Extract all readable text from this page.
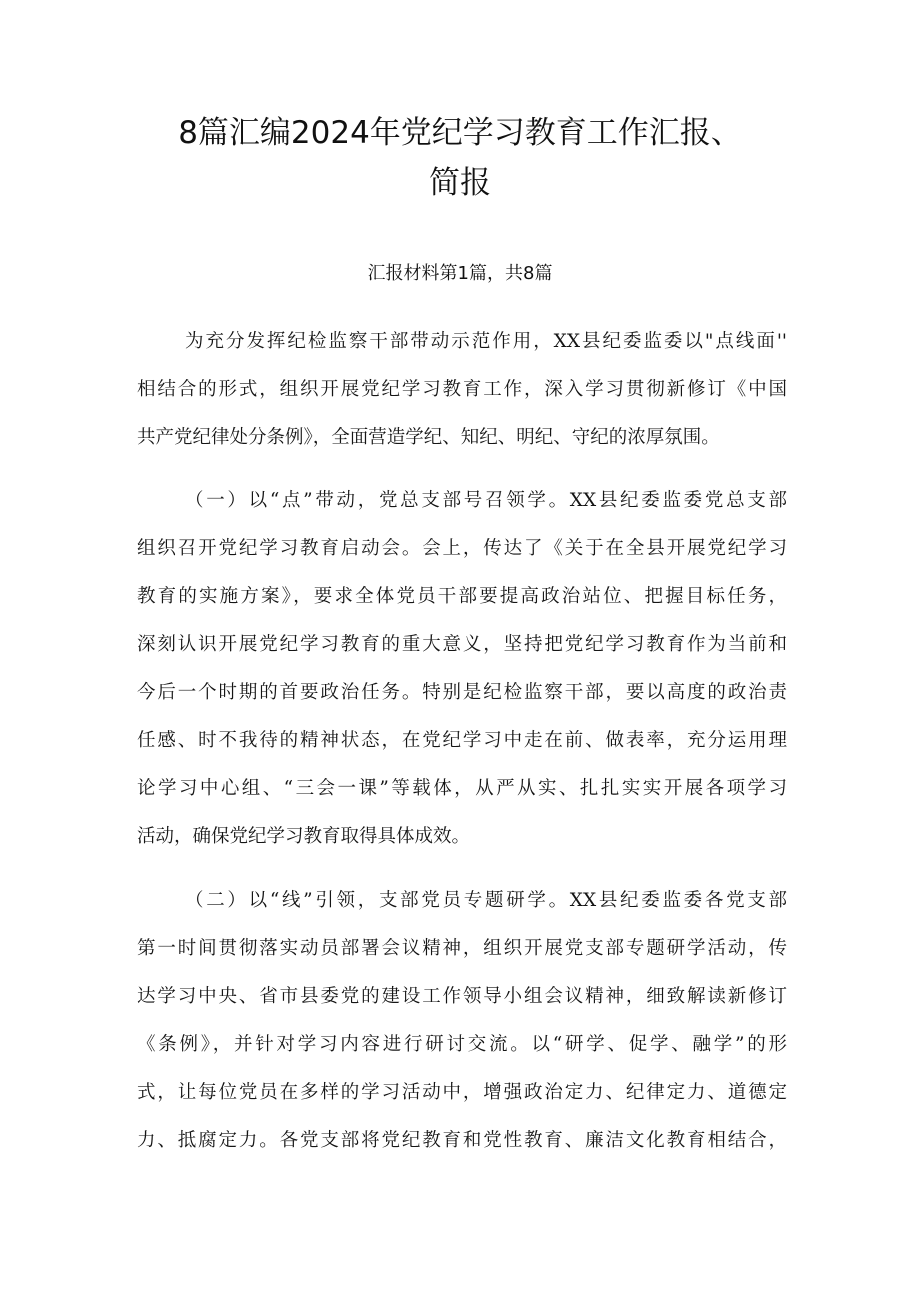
8篇汇编2024年党纪学习教育工作汇报、
简报
汇报材料第1篇，共8篇
为充分发挥纪检监察干部带动示范作用，XX县纪委监委以"点线面''
相结合的形式，组织开展党纪学习教育工作，深入学习贯彻新修订《中国
共产党纪律处分条例》，全面营造学纪、知纪、明纪、守纪的浓厚氛围。
（一）以“点”带动，党总支部号召领学。XX县纪委监委党总支部
组织召开党纪学习教育启动会。会上，传达了《关于在全县开展党纪学习
教育的实施方案》，要求全体党员干部要提高政治站位、把握目标任务，
深刻认识开展党纪学习教育的重大意义，坚持把党纪学习教育作为当前和
今后一个时期的首要政治任务。特别是纪检监察干部，要以高度的政治责
任感、时不我待的精神状态，在党纪学习中走在前、做表率，充分运用理
论学习中心组、“三会一课”等载体，从严从实、扎扎实实开展各项学习
活动，确保党纪学习教育取得具体成效。
（二）以“线”引领，支部党员专题研学。XX县纪委监委各党支部
第一时间贯彻落实动员部署会议精神，组织开展党支部专题研学活动，传
达学习中央、省市县委党的建设工作领导小组会议精神，细致解读新修订
《条例》，并针对学习内容进行研讨交流。以“研学、促学、融学”的形
式，让每位党员在多样的学习活动中，增强政治定力、纪律定力、道德定
力、抵腐定力。各党支部将党纪教育和党性教育、廉洁文化教育相结合，
